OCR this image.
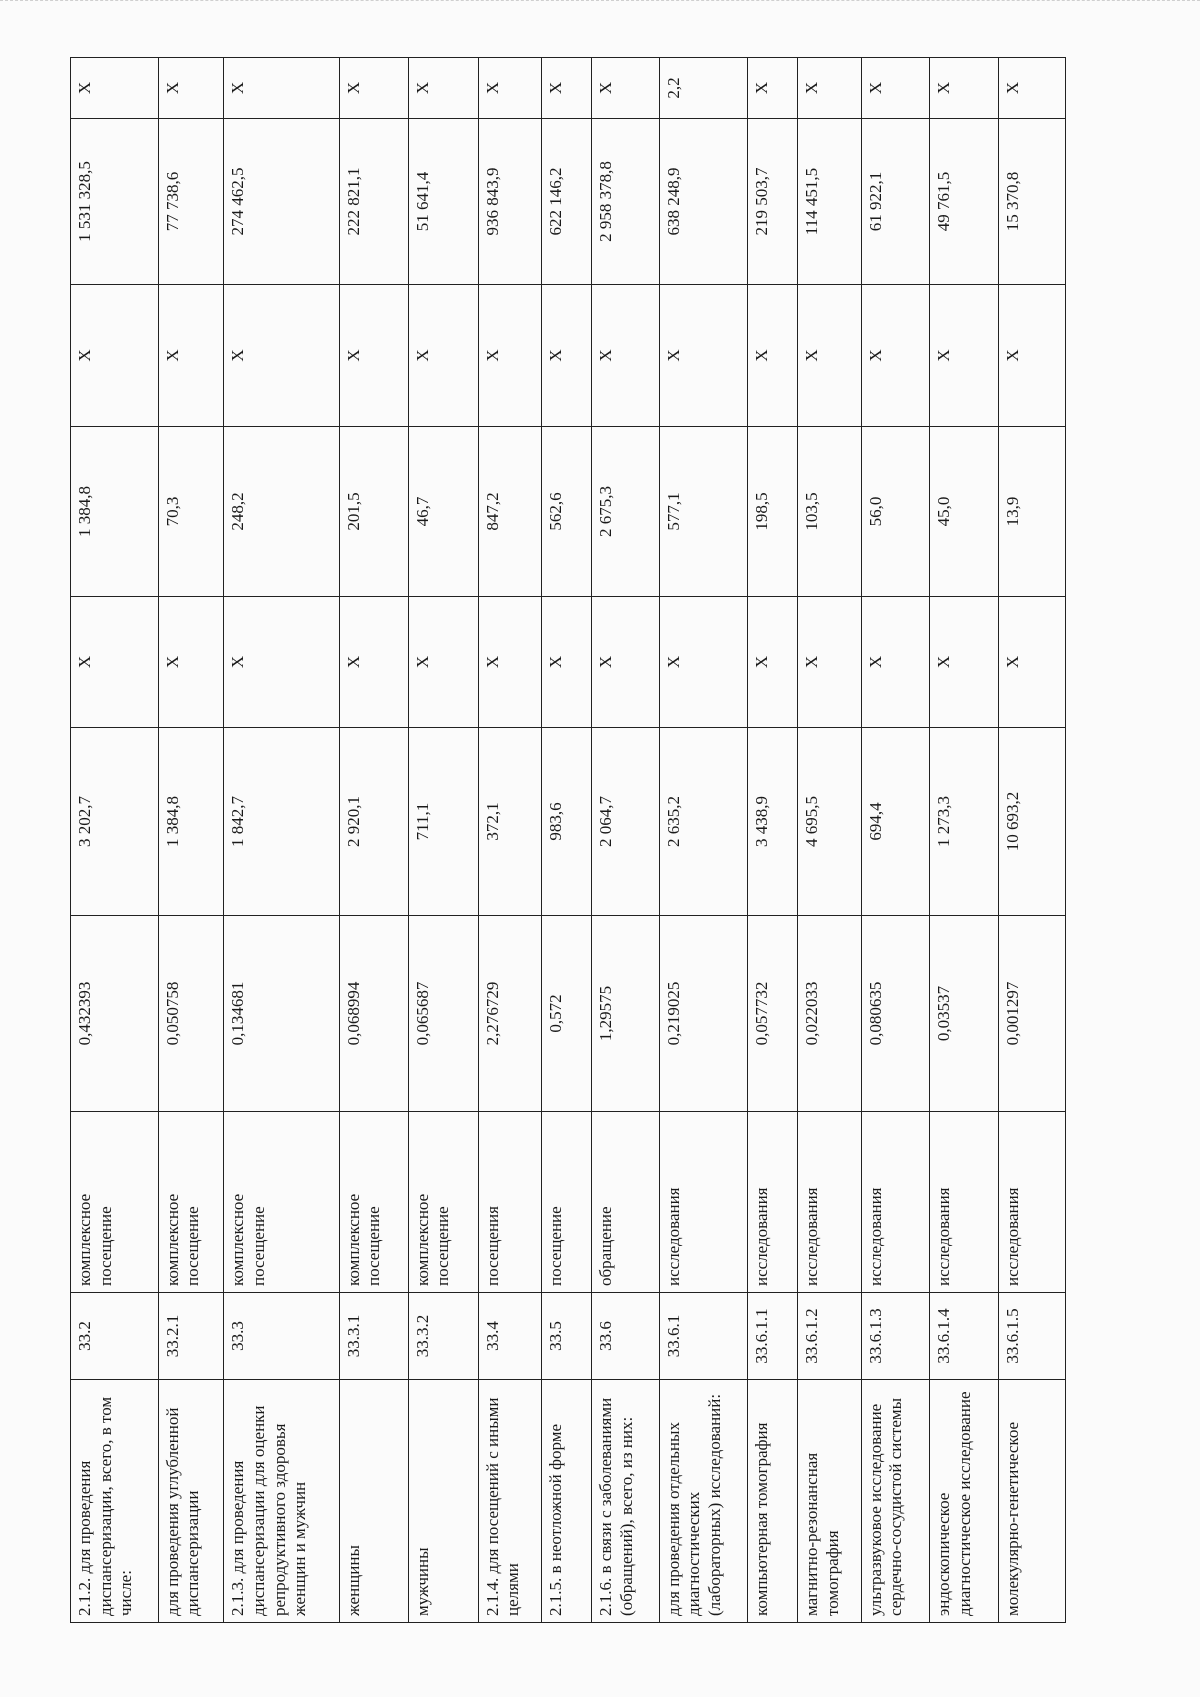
2.1.2. для проведения диспансеризации, всего, в том числе:	33.2	комплексное посещение	0,432393	3 202,7	X	1 384,8	X	1 531 328,5	X
для проведения углубленной диспансеризации	33.2.1	комплексное посещение	0,050758	1 384,8	X	70,3	X	77 738,6	X
2.1.3. для проведения диспансеризации для оценки репродуктивного здоровья женщин и мужчин	33.3	комплексное посещение	0,134681	1 842,7	X	248,2	X	274 462,5	X
женщины	33.3.1	комплексное посещение	0,068994	2 920,1	X	201,5	X	222 821,1	X
мужчины	33.3.2	комплексное посещение	0,065687	711,1	X	46,7	X	51 641,4	X
2.1.4. для посещений с иными целями	33.4	посещения	2,276729	372,1	X	847,2	X	936 843,9	X
2.1.5. в неотложной форме	33.5	посещение	0,572	983,6	X	562,6	X	622 146,2	X
2.1.6. в связи с заболеваниями (обращений), всего, из них:	33.6	обращение	1,29575	2 064,7	X	2 675,3	X	2 958 378,8	X
для проведения отдельных диагностических (лабораторных) исследований:	33.6.1	исследования	0,219025	2 635,2	X	577,1	X	638 248,9	2,2
компьютерная томография	33.6.1.1	исследования	0,057732	3 438,9	X	198,5	X	219 503,7	X
магнитно-резонансная томография	33.6.1.2	исследования	0,022033	4 695,5	X	103,5	X	114 451,5	X
ультразвуковое исследование сердечно-сосудистой системы	33.6.1.3	исследования	0,080635	694,4	X	56,0	X	61 922,1	X
эндоскопическое диагностическое исследование	33.6.1.4	исследования	0,03537	1 273,3	X	45,0	X	49 761,5	X
молекулярно-генетическое	33.6.1.5	исследования	0,001297	10 693,2	X	13,9	X	15 370,8	X
